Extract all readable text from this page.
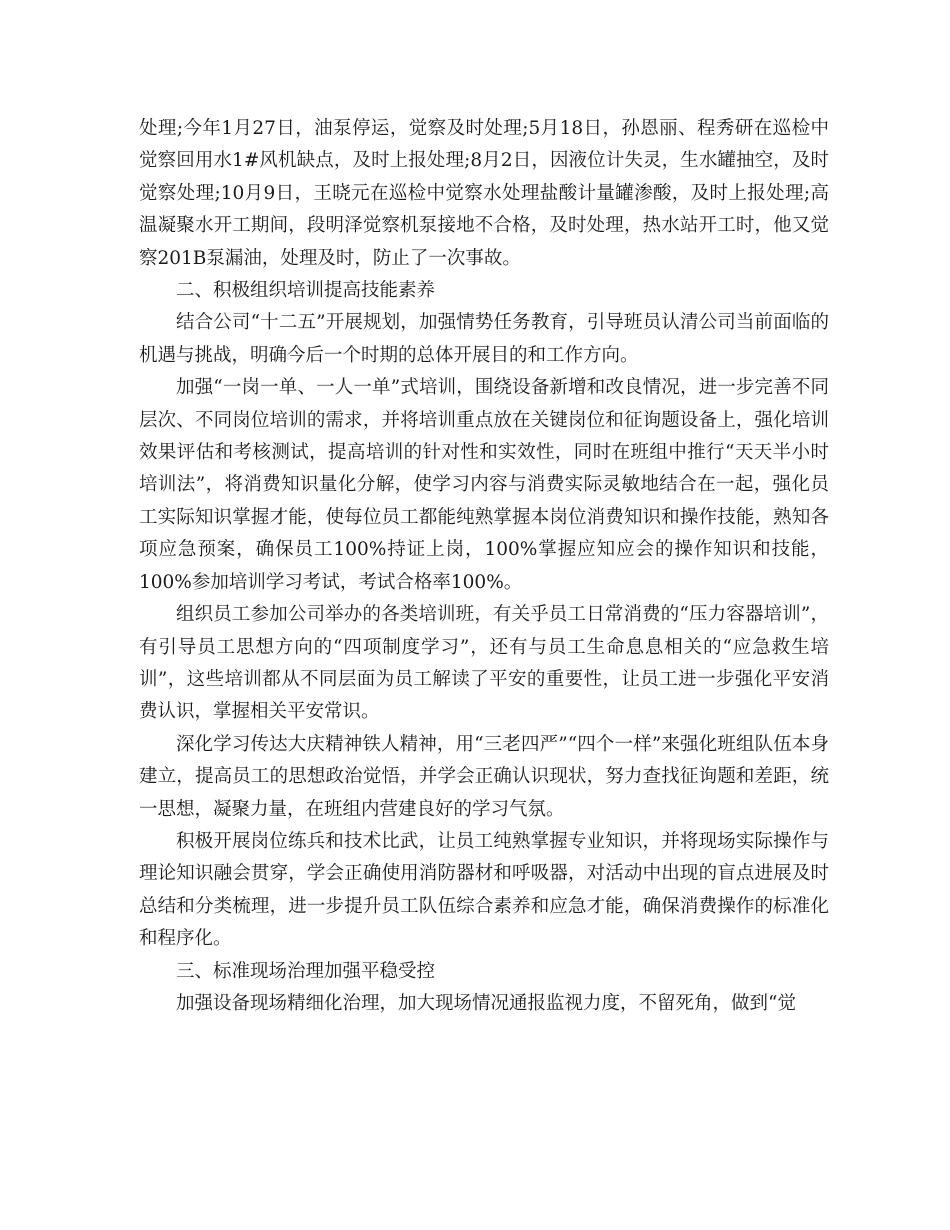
处理;今年1月27日，油泵停运，觉察及时处理;5月18日，孙恩丽、程秀研在巡检中觉察回用水1#风机缺点，及时上报处理;8月2日，因液位计失灵，生水罐抽空，及时觉察处理;10月9日，王晓元在巡检中觉察水处理盐酸计量罐渗酸，及时上报处理;高温凝聚水开工期间，段明泽觉察机泵接地不合格，及时处理，热水站开工时，他又觉察201B泵漏油，处理及时，防止了一次事故。

二、积极组织培训提高技能素养

结合公司“十二五”开展规划，加强情势任务教育，引导班员认清公司当前面临的机遇与挑战，明确今后一个时期的总体开展目的和工作方向。

加强“一岗一单、一人一单”式培训，围绕设备新增和改良情况，进一步完善不同层次、不同岗位培训的需求，并将培训重点放在关键岗位和征询题设备上，强化培训效果评估和考核测试，提高培训的针对性和实效性，同时在班组中推行“天天半小时培训法”，将消费知识量化分解，使学习内容与消费实际灵敏地结合在一起，强化员工实际知识掌握才能，使每位员工都能纯熟掌握本岗位消费知识和操作技能，熟知各项应急预案，确保员工100%持证上岗，100%掌握应知应会的操作知识和技能，100%参加培训学习考试，考试合格率100%。

组织员工参加公司举办的各类培训班，有关乎员工日常消费的“压力容器培训”，有引导员工思想方向的“四项制度学习”，还有与员工生命息息相关的“应急救生培训”，这些培训都从不同层面为员工解读了平安的重要性，让员工进一步强化平安消费认识，掌握相关平安常识。

深化学习传达大庆精神铁人精神，用“三老四严”“四个一样”来强化班组队伍本身建立，提高员工的思想政治觉悟，并学会正确认识现状，努力查找征询题和差距，统一思想，凝聚力量，在班组内营建良好的学习气氛。

积极开展岗位练兵和技术比武，让员工纯熟掌握专业知识，并将现场实际操作与理论知识融会贯穿，学会正确使用消防器材和呼吸器，对活动中出现的盲点进展及时总结和分类梳理，进一步提升员工队伍综合素养和应急才能，确保消费操作的标准化和程序化。

三、标准现场治理加强平稳受控

加强设备现场精细化治理，加大现场情况通报监视力度，不留死角，做到“觉
